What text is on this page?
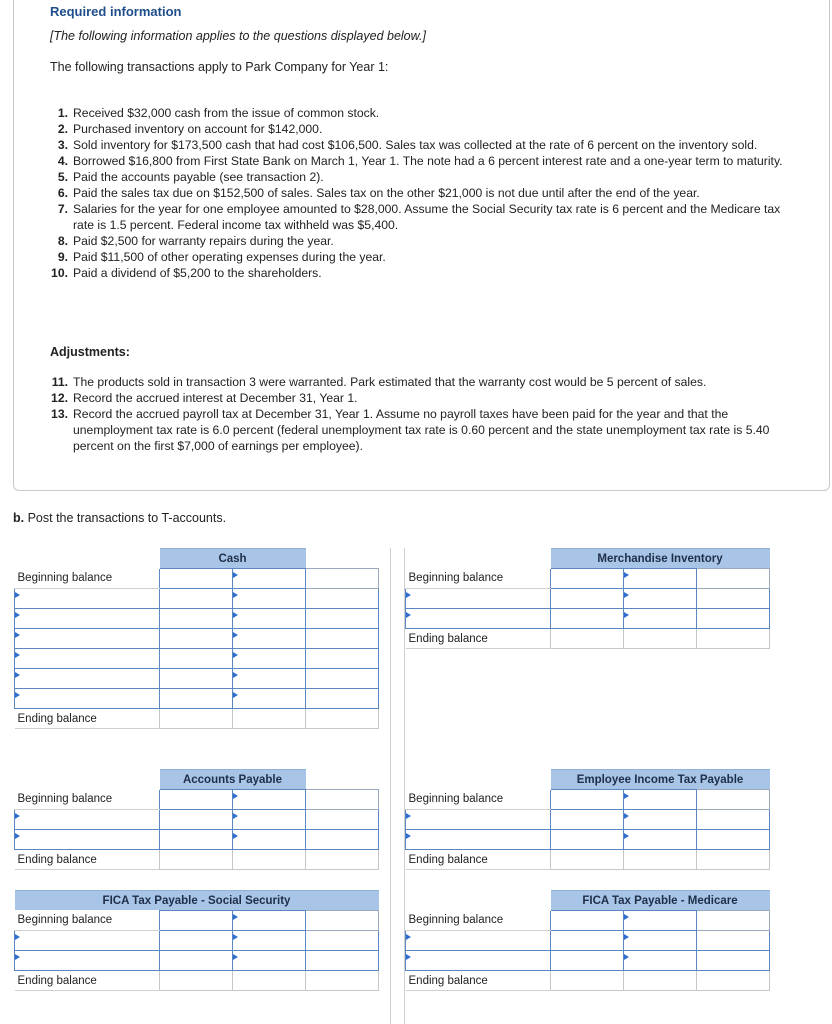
Required information
[The following information applies to the questions displayed below.]
The following transactions apply to Park Company for Year 1:
1. Received $32,000 cash from the issue of common stock.
2. Purchased inventory on account for $142,000.
3. Sold inventory for $173,500 cash that had cost $106,500. Sales tax was collected at the rate of 6 percent on the inventory sold.
4. Borrowed $16,800 from First State Bank on March 1, Year 1. The note had a 6 percent interest rate and a one-year term to maturity.
5. Paid the accounts payable (see transaction 2).
6. Paid the sales tax due on $152,500 of sales. Sales tax on the other $21,000 is not due until after the end of the year.
7. Salaries for the year for one employee amounted to $28,000. Assume the Social Security tax rate is 6 percent and the Medicare tax rate is 1.5 percent. Federal income tax withheld was $5,400.
8. Paid $2,500 for warranty repairs during the year.
9. Paid $11,500 of other operating expenses during the year.
10. Paid a dividend of $5,200 to the shareholders.
Adjustments:
11. The products sold in transaction 3 were warranted. Park estimated that the warranty cost would be 5 percent of sales.
12. Record the accrued interest at December 31, Year 1.
13. Record the accrued payroll tax at December 31, Year 1. Assume no payroll taxes have been paid for the year and that the unemployment tax rate is 6.0 percent (federal unemployment tax rate is 0.60 percent and the state unemployment tax rate is 5.40 percent on the first $7,000 of earnings per employee).
b. Post the transactions to T-accounts.
	Cash		
Beginning balance		

Ending balance			
	Merchandise Inventory		
Beginning balance		

Ending balance			
	Accounts Payable		
Beginning balance		

Ending balance			
	Employee Income Tax Payable		
Beginning balance		

Ending balance			
FICA Tax Payable - Social Security			
Beginning balance		

Ending balance			
	FICA Tax Payable - Medicare		
Beginning balance		

Ending balance			
